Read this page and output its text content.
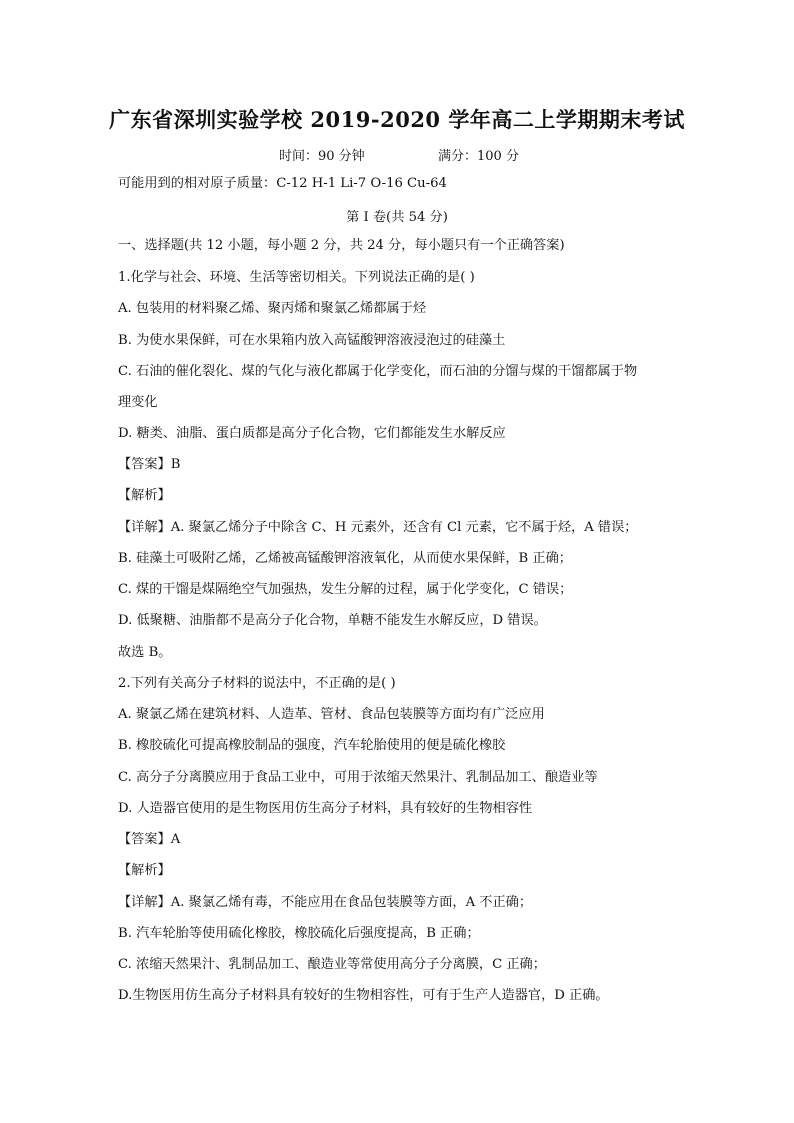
广东省深圳实验学校 2019-2020 学年高二上学期期末考试
时间：90 分钟	满分：100 分
可能用到的相对原子质量：C-12 H-1 Li-7 O-16 Cu-64
第 I 卷(共 54 分)
一、选择题(共 12 小题，每小题 2 分，共 24 分，每小题只有一个正确答案)
1.化学与社会、环境、生活等密切相关。下列说法正确的是( )
A. 包装用的材料聚乙烯、聚丙烯和聚氯乙烯都属于烃
B. 为使水果保鲜，可在水果箱内放入高锰酸钾溶液浸泡过的硅藻土
C. 石油的催化裂化、煤的气化与液化都属于化学变化，而石油的分馏与煤的干馏都属于物
理变化
D. 糖类、油脂、蛋白质都是高分子化合物，它们都能发生水解反应
【答案】B
【解析】
【详解】A. 聚氯乙烯分子中除含 C、H 元素外，还含有 Cl 元素，它不属于烃，A 错误；
B. 硅藻土可吸附乙烯，乙烯被高锰酸钾溶液氧化，从而使水果保鲜，B 正确；
C. 煤的干馏是煤隔绝空气加强热，发生分解的过程，属于化学变化，C 错误；
D. 低聚糖、油脂都不是高分子化合物，单糖不能发生水解反应，D 错误。
故选 B。
2.下列有关高分子材料的说法中，不正确的是( )
A. 聚氯乙烯在建筑材料、人造革、管材、食品包装膜等方面均有广泛应用
B. 橡胶硫化可提高橡胶制品的强度，汽车轮胎使用的便是硫化橡胶
C. 高分子分离膜应用于食品工业中，可用于浓缩天然果汁、乳制品加工、酿造业等
D. 人造器官使用的是生物医用仿生高分子材料，具有较好的生物相容性
【答案】A
【解析】
【详解】A. 聚氯乙烯有毒，不能应用在食品包装膜等方面，A 不正确；
B. 汽车轮胎等使用硫化橡胶，橡胶硫化后强度提高，B 正确；
C. 浓缩天然果汁、乳制品加工、酿造业等常使用高分子分离膜，C 正确；
D.生物医用仿生高分子材料具有较好的生物相容性，可有于生产人造器官，D 正确。
